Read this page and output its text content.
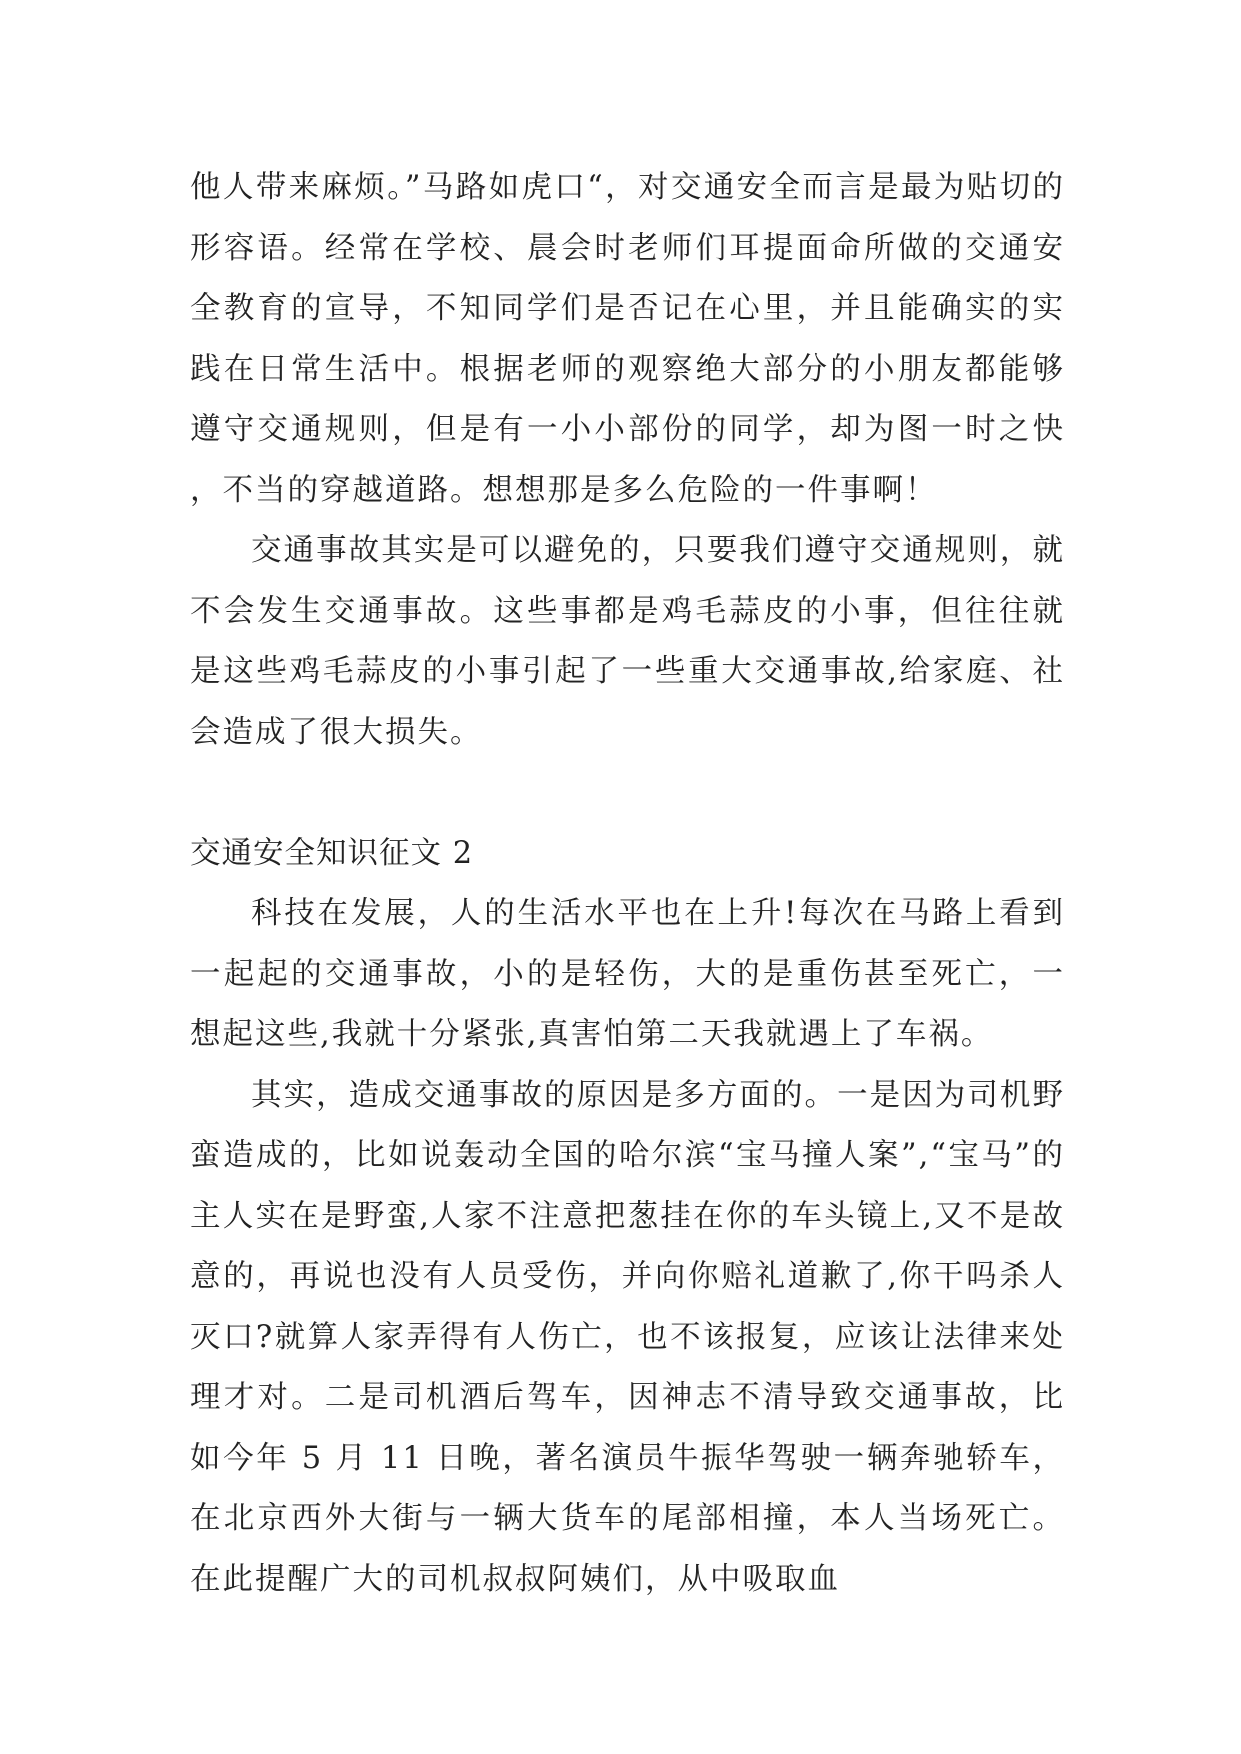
他人带来麻烦。”马路如虎口“，对交通安全而言是最为贴切的形容语。经常在学校、晨会时老师们耳提面命所做的交通安全教育的宣导，不知同学们是否记在心里，并且能确实的实践在日常生活中。根据老师的观察绝大部分的小朋友都能够遵守交通规则，但是有一小小部份的同学，却为图一时之快，不当的穿越道路。想想那是多么危险的一件事啊！

交通事故其实是可以避免的，只要我们遵守交通规则，就不会发生交通事故。这些事都是鸡毛蒜皮的小事，但往往就是这些鸡毛蒜皮的小事引起了一些重大交通事故,给家庭、社会造成了很大损失。

交通安全知识征文 2

科技在发展，人的生活水平也在上升!每次在马路上看到一起起的交通事故，小的是轻伤，大的是重伤甚至死亡，一想起这些,我就十分紧张,真害怕第二天我就遇上了车祸。

其实，造成交通事故的原因是多方面的。一是因为司机野蛮造成的，比如说轰动全国的哈尔滨“宝马撞人案”,“宝马”的主人实在是野蛮,人家不注意把葱挂在你的车头镜上,又不是故意的，再说也没有人员受伤，并向你赔礼道歉了,你干吗杀人灭口?就算人家弄得有人伤亡，也不该报复，应该让法律来处理才对。二是司机酒后驾车，因神志不清导致交通事故，比如今年 5 月 11 日晚，著名演员牛振华驾驶一辆奔驰轿车，在北京西外大街与一辆大货车的尾部相撞，本人当场死亡。在此提醒广大的司机叔叔阿姨们，从中吸取血
